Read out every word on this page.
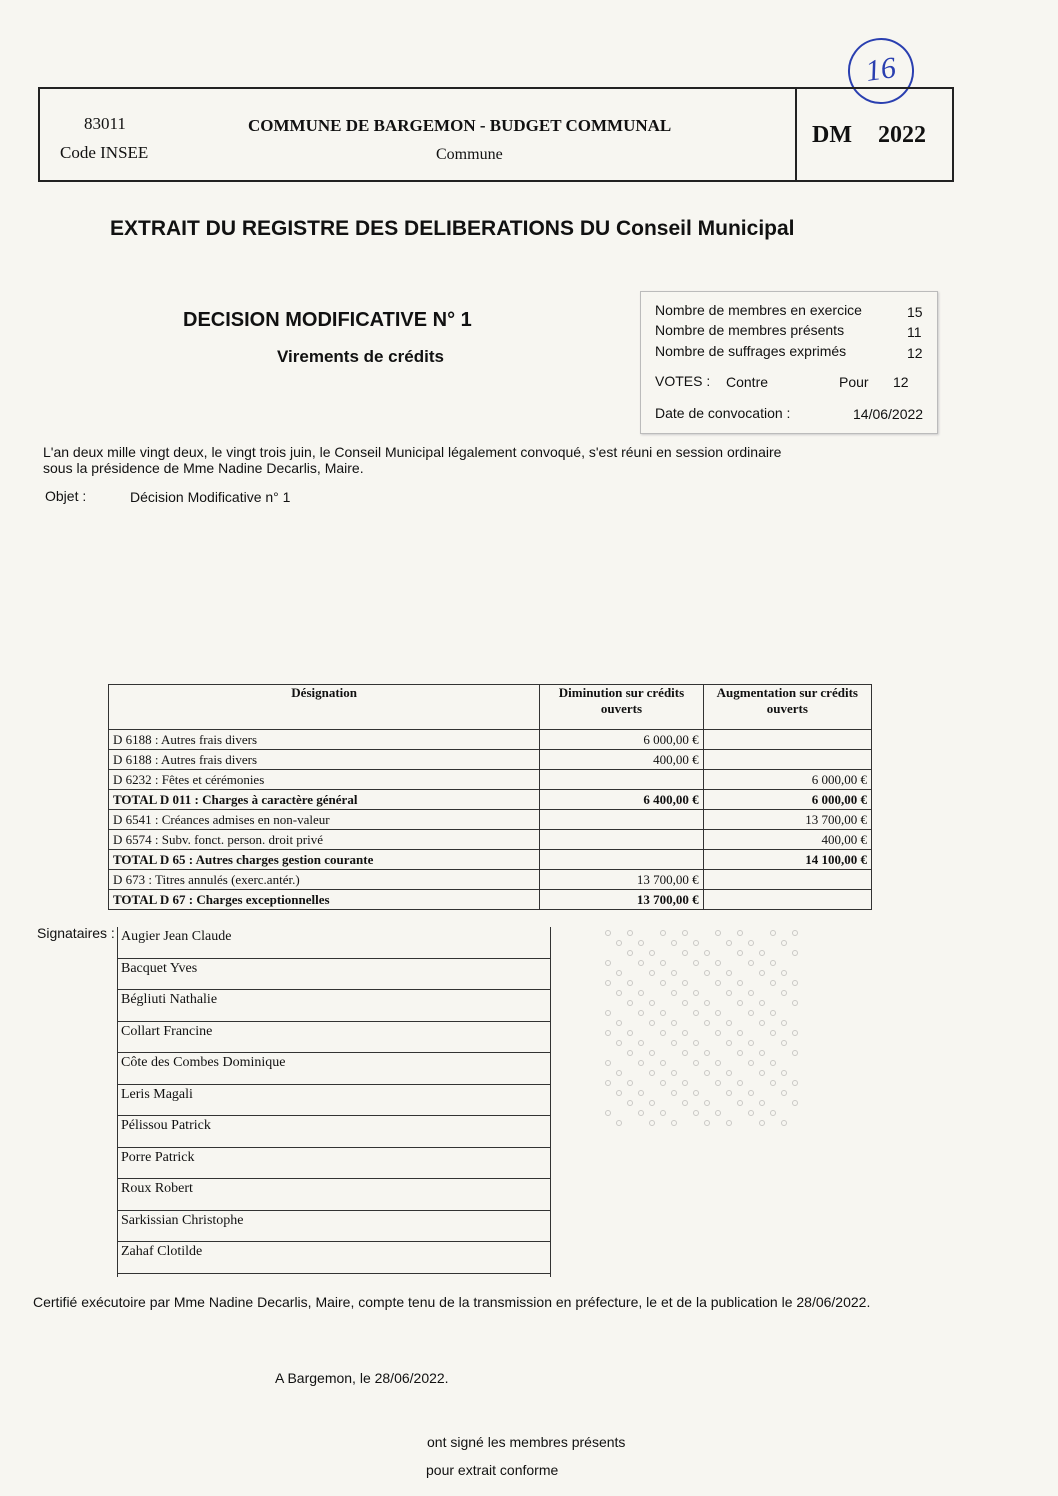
16
83011
Code INSEE
COMMUNE DE BARGEMON - BUDGET COMMUNAL
Commune
DM 2022
EXTRAIT DU REGISTRE DES DELIBERATIONS DU Conseil Municipal
DECISION MODIFICATIVE N° 1
Virements de crédits
Nombre de membres en exercice	15
Nombre de membres présents	11
Nombre de suffrages exprimés	12
VOTES : Contre	Pour 12
Date de convocation :	14/06/2022
L'an deux mille vingt deux, le vingt trois juin, le Conseil Municipal légalement convoqué, s'est réuni en session ordinaire sous la présidence de Mme Nadine Decarlis, Maire.
Objet :	Décision Modificative n° 1
Désignation	Diminution sur crédits ouverts	Augmentation sur crédits ouverts
D 6188 : Autres frais divers	6 000,00 €	
D 6188 : Autres frais divers	400,00 €	
D 6232 : Fêtes et cérémonies		6 000,00 €
TOTAL D 011 : Charges à caractère général	6 400,00 €	6 000,00 €
D 6541 : Créances admises en non-valeur		13 700,00 €
D 6574 : Subv. fonct. person. droit privé		400,00 €
TOTAL D 65 : Autres charges gestion courante		14 100,00 €
D 673 : Titres annulés (exerc.antér.)	13 700,00 €	
TOTAL D 67 : Charges exceptionnelles	13 700,00 €	
Signataires : Augier Jean Claude
Bacquet Yves
Bégliuti Nathalie
Collart Francine
Côte des Combes Dominique
Leris Magali
Pélissou Patrick
Porre Patrick
Roux Robert
Sarkissian Christophe
Zahaf Clotilde
Certifié exécutoire par Mme Nadine Decarlis, Maire, compte tenu de la transmission en préfecture, le et de la publication le 28/06/2022.
A Bargemon, le 28/06/2022.
ont signé les membres présents
pour extrait conforme
